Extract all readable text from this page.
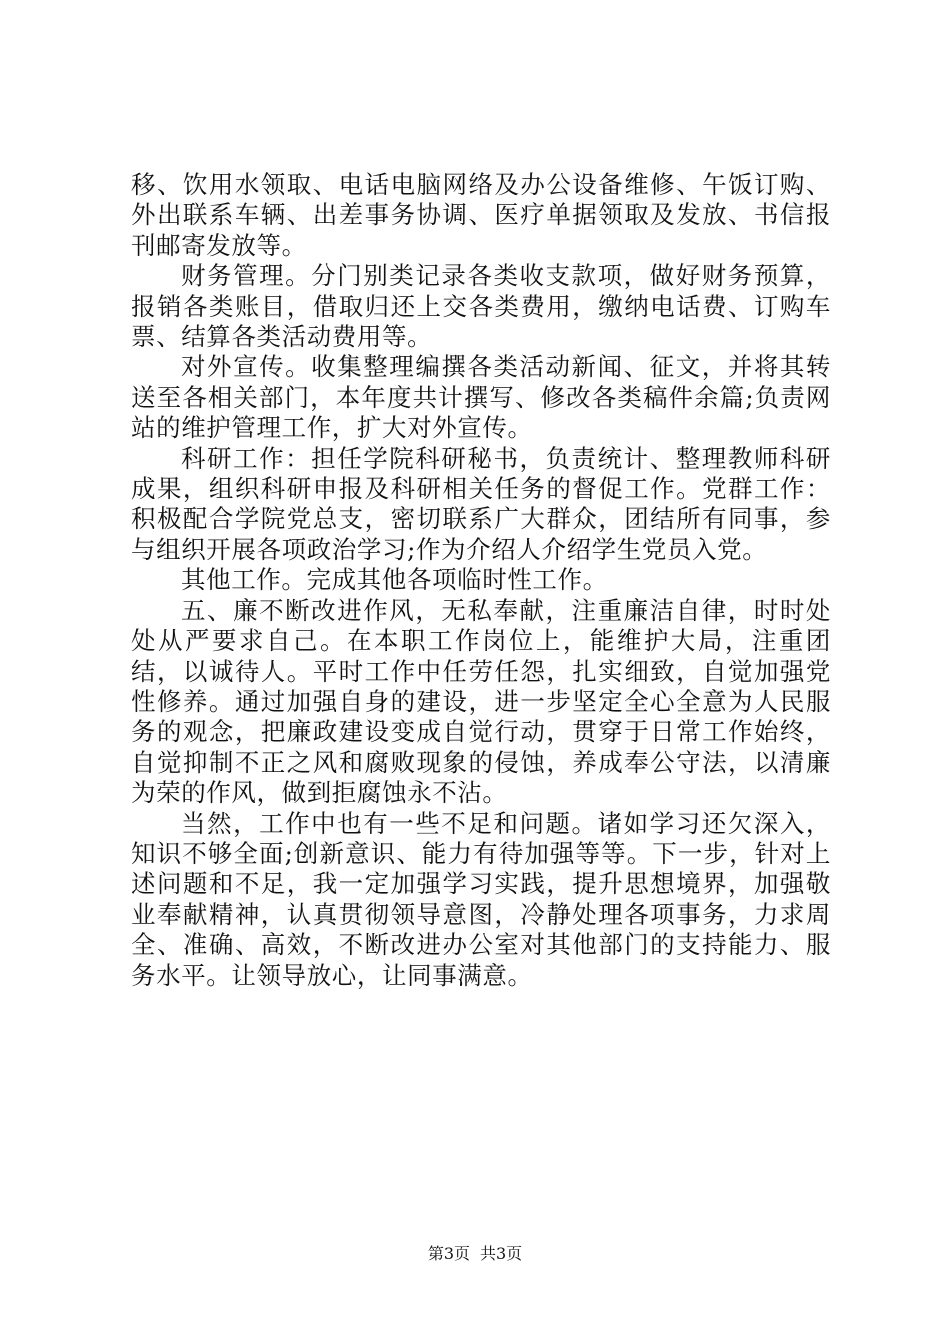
移、饮用水领取、电话电脑网络及办公设备维修、午饭订购、外出联系车辆、出差事务协调、医疗单据领取及发放、书信报刊邮寄发放等。

财务管理。分门别类记录各类收支款项，做好财务预算，报销各类账目，借取归还上交各类费用，缴纳电话费、订购车票、结算各类活动费用等。

对外宣传。收集整理编撰各类活动新闻、征文，并将其转送至各相关部门，本年度共计撰写、修改各类稿件余篇;负责网站的维护管理工作，扩大对外宣传。

科研工作：担任学院科研秘书，负责统计、整理教师科研成果，组织科研申报及科研相关任务的督促工作。党群工作：积极配合学院党总支，密切联系广大群众，团结所有同事，参与组织开展各项政治学习;作为介绍人介绍学生党员入党。

其他工作。完成其他各项临时性工作。

五、廉不断改进作风，无私奉献，注重廉洁自律，时时处处从严要求自己。在本职工作岗位上，能维护大局，注重团结，以诚待人。平时工作中任劳任怨，扎实细致，自觉加强党性修养。通过加强自身的建设，进一步坚定全心全意为人民服务的观念，把廉政建设变成自觉行动，贯穿于日常工作始终，自觉抑制不正之风和腐败现象的侵蚀，养成奉公守法，以清廉为荣的作风，做到拒腐蚀永不沾。

当然，工作中也有一些不足和问题。诸如学习还欠深入，知识不够全面;创新意识、能力有待加强等等。下一步，针对上述问题和不足，我一定加强学习实践，提升思想境界，加强敬业奉献精神，认真贯彻领导意图，冷静处理各项事务，力求周全、准确、高效，不断改进办公室对其他部门的支持能力、服务水平。让领导放心，让同事满意。

第3页 共3页
